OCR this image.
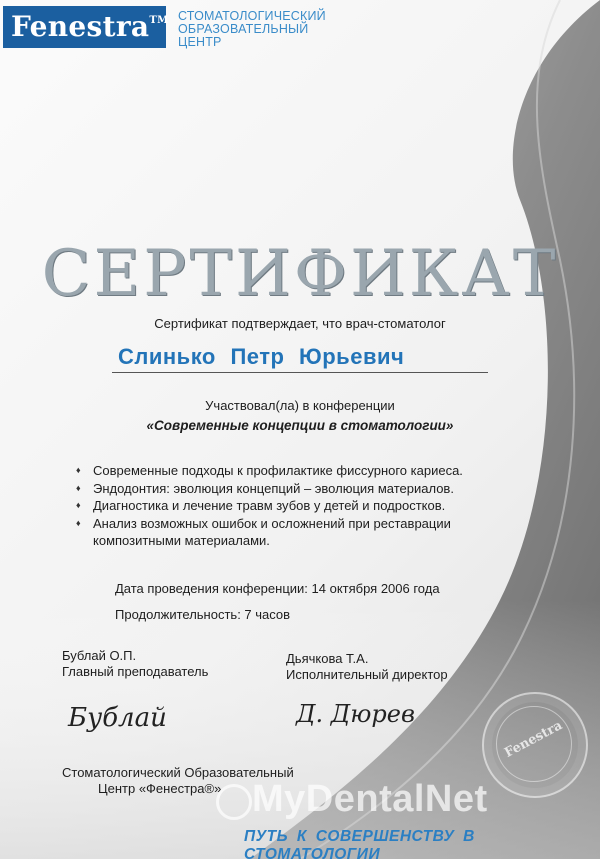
Fenestra™ СТОМАТОЛОГИЧЕСКИЙ
ОБРАЗОВАТЕЛЬНЫЙ
ЦЕНТР
СЕРТИФИКАТ
Сертификат подтверждает, что врач-стоматолог
Слинько Петр Юрьевич
Участвовал(ла) в конференции
«Современные концепции в стоматологии»
♦ Современные подходы к профилактике фиссурного кариеса.
♦ Эндодонтия: эволюция концепций – эволюция материалов.
♦ Диагностика и лечение травм зубов у детей и подростков.
♦ Анализ возможных ошибок и осложнений при реставрации композитными материалами.
Дата проведения конференции: 14 октября 2006 года
Продолжительность: 7 часов
Бублай О.П.
Главный преподаватель
Дьячкова Т.А.
Исполнительный директор
Бублай	Д. Дюрев
Стоматологический Образовательный
Центр «Фенестра®»
Fenestra
MyDentalNet
ПУТЬ К СОВЕРШЕНСТВУ В СТОМАТОЛОГИИ
